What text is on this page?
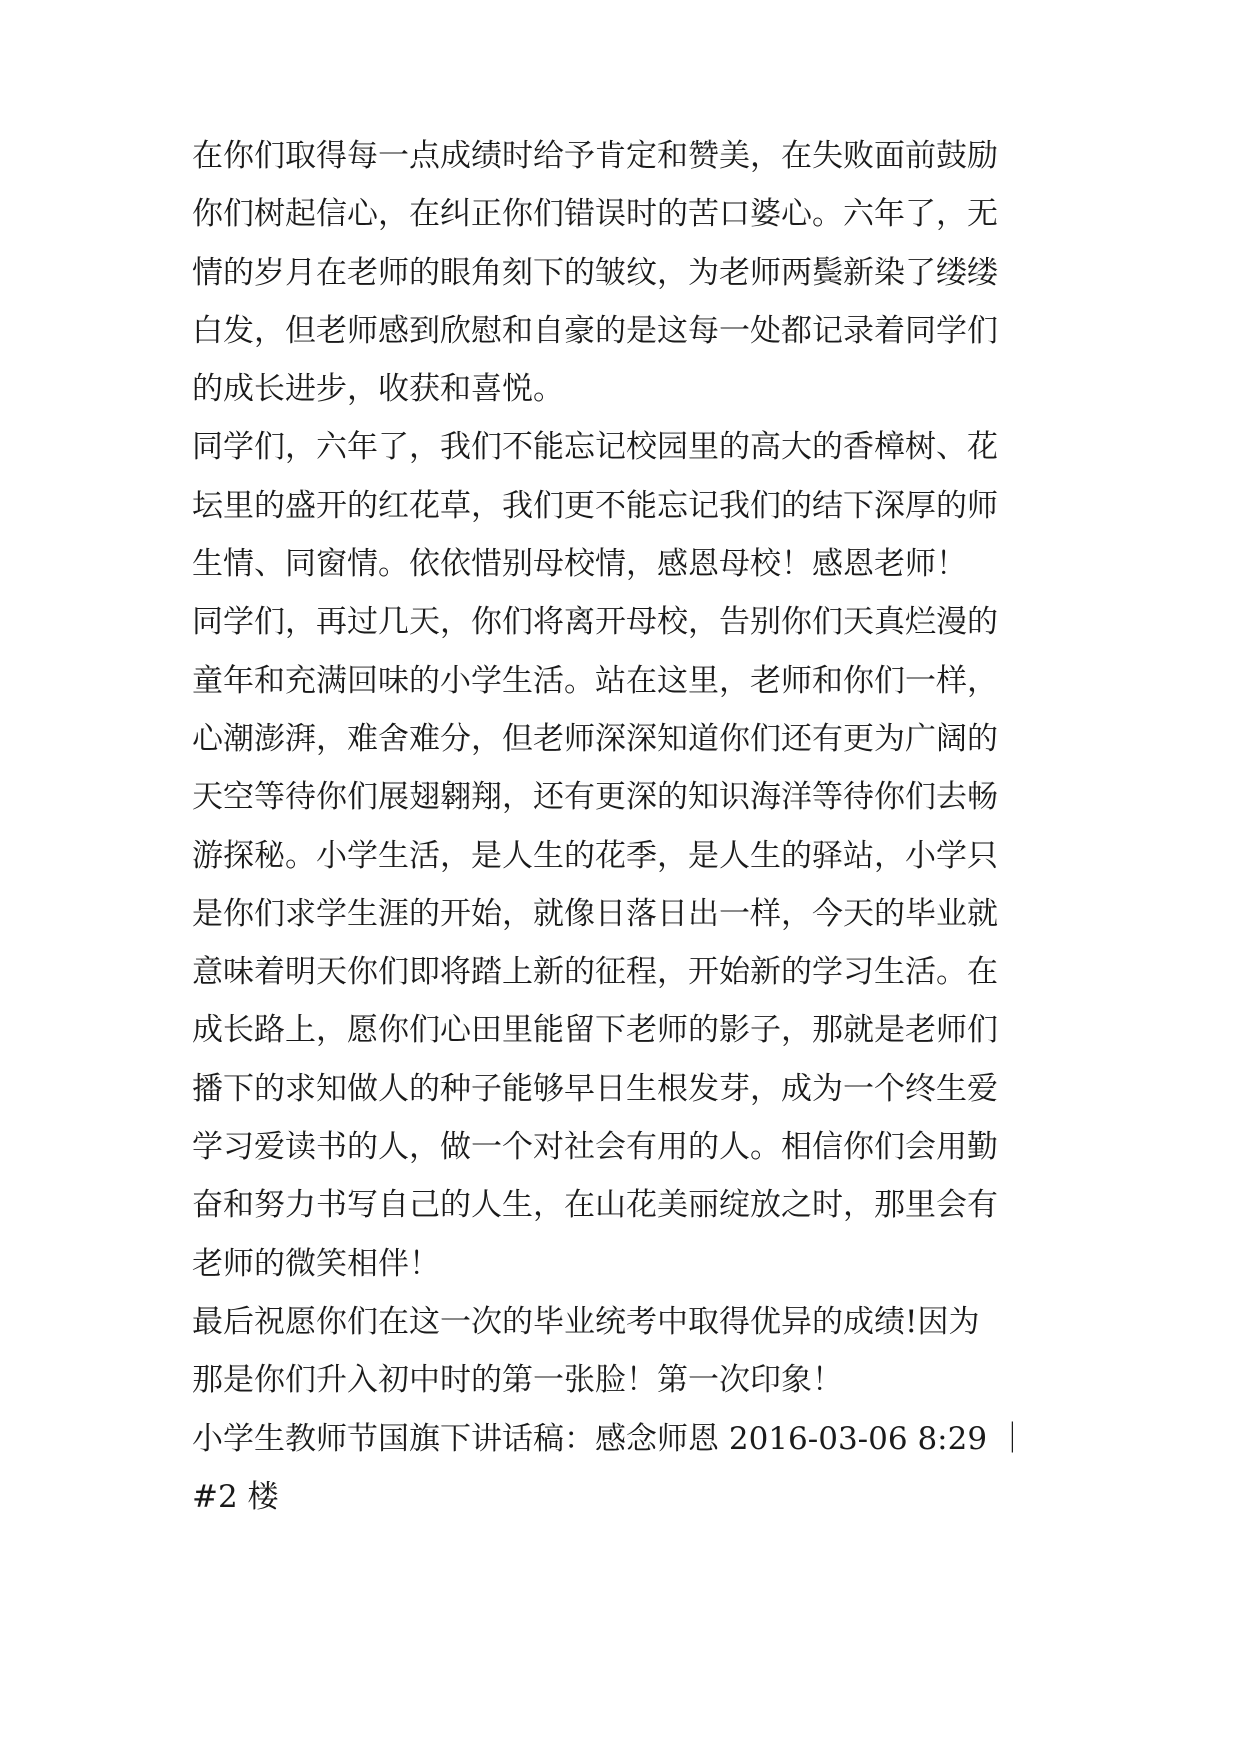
在你们取得每一点成绩时给予肯定和赞美，在失败面前鼓励
你们树起信心，在纠正你们错误时的苦口婆心。六年了，无
情的岁月在老师的眼角刻下的皱纹，为老师两鬓新染了缕缕
白发，但老师感到欣慰和自豪的是这每一处都记录着同学们
的成长进步，收获和喜悦。
同学们，六年了，我们不能忘记校园里的高大的香樟树、花
坛里的盛开的红花草，我们更不能忘记我们的结下深厚的师
生情、同窗情。依依惜别母校情，感恩母校！感恩老师！
同学们，再过几天，你们将离开母校，告别你们天真烂漫的
童年和充满回味的小学生活。站在这里，老师和你们一样，
心潮澎湃，难舍难分，但老师深深知道你们还有更为广阔的
天空等待你们展翅翱翔，还有更深的知识海洋等待你们去畅
游探秘。小学生活，是人生的花季，是人生的驿站，小学只
是你们求学生涯的开始，就像日落日出一样，今天的毕业就
意味着明天你们即将踏上新的征程，开始新的学习生活。在
成长路上，愿你们心田里能留下老师的影子，那就是老师们
播下的求知做人的种子能够早日生根发芽，成为一个终生爱
学习爱读书的人，做一个对社会有用的人。相信你们会用勤
奋和努力书写自己的人生，在山花美丽绽放之时，那里会有
老师的微笑相伴！
最后祝愿你们在这一次的毕业统考中取得优异的成绩!因为
那是你们升入初中时的第一张脸！第一次印象！
小学生教师节国旗下讲话稿：感念师恩 2016-03-06 8:29 ｜
#2 楼
